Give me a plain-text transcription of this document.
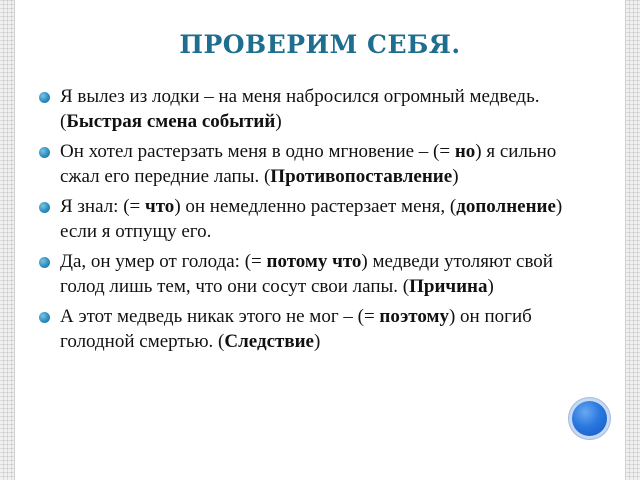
ПРОВЕРИМ СЕБЯ.
Я вылез из лодки – на меня набросился огромный медведь. (Быстрая смена событий)
Он хотел растерзать меня в одно мгновение – (= но) я сильно сжал его передние лапы. (Противопоставление)
Я знал: (= что) он немедленно растерзает меня, (дополнение) если я отпущу его.
Да, он умер от голода: (= потому что) медведи утоляют свой голод лишь тем, что они сосут свои лапы. (Причина)
А этот медведь никак этого не мог – (= поэтому) он погиб голодной смертью. (Следствие)
